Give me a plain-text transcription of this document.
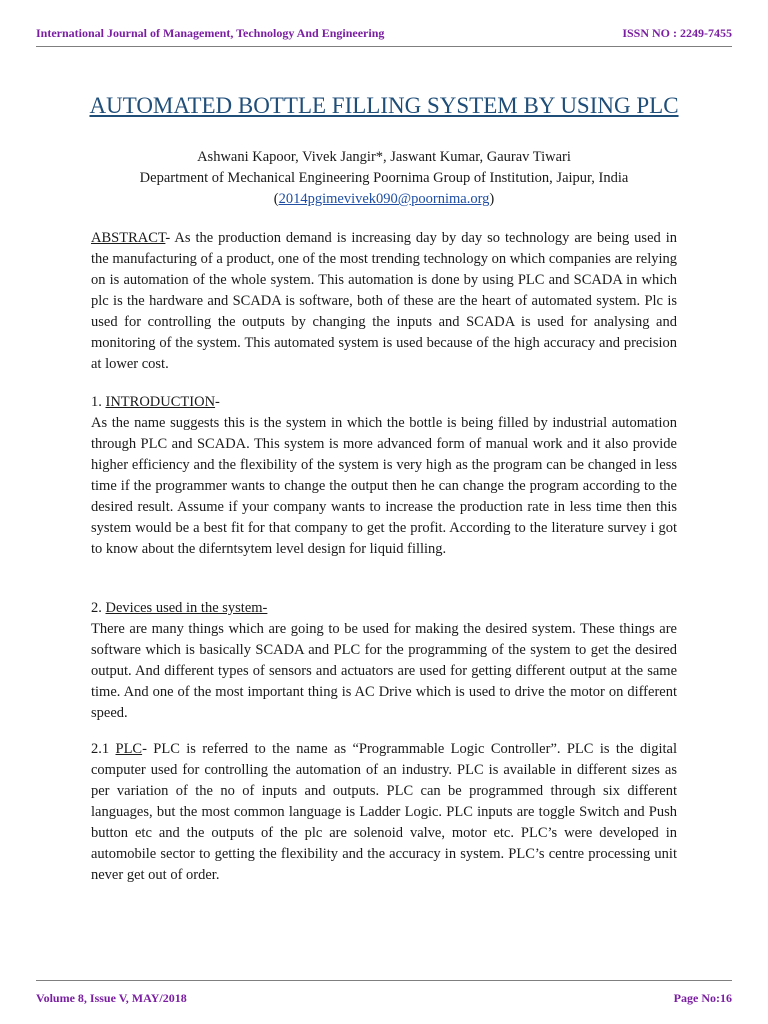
International Journal of Management, Technology And Engineering	ISSN NO : 2249-7455
AUTOMATED BOTTLE FILLING SYSTEM BY USING PLC
Ashwani Kapoor, Vivek Jangir*, Jaswant Kumar, Gaurav Tiwari
Department of Mechanical Engineering Poornima Group of Institution, Jaipur, India
(2014pgimevivek090@poornima.org)
ABSTRACT- As the production demand is increasing day by day so technology are being used in the manufacturing of a product, one of the most trending technology on which companies are relying on is automation of the whole system. This automation is done by using PLC and SCADA in which plc is the hardware and SCADA is software, both of these are the heart of automated system. Plc is used for controlling the outputs by changing the inputs and SCADA is used for analysing and monitoring of the system. This automated system is used because of the high accuracy and precision at lower cost.
1. INTRODUCTION-
As the name suggests this is the system in which the bottle is being filled by industrial automation through PLC and SCADA. This system is more advanced form of manual work and it also provide higher efficiency and the flexibility of the system is very high as the program can be changed in less time if the programmer wants to change the output then he can change the program according to the desired result. Assume if your company wants to increase the production rate in less time then this system would be a best fit for that company to get the profit. According to the literature survey i got to know about the diferntsytem level design for liquid filling.
2. Devices used in the system-
There are many things which are going to be used for making the desired system. These things are software which is basically SCADA and PLC for the programming of the system to get the desired output. And different types of sensors and actuators are used for getting different output at the same time. And one of the most important thing is AC Drive which is used to drive the motor on different speed.
2.1 PLC- PLC is referred to the name as “Programmable Logic Controller”. PLC is the digital computer used for controlling the automation of an industry. PLC is available in different sizes as per variation of the no of inputs and outputs. PLC can be programmed through six different languages, but the most common language is Ladder Logic. PLC inputs are toggle Switch and Push button etc and the outputs of the plc are solenoid valve, motor etc. PLC’s were developed in automobile sector to getting the flexibility and the accuracy in system. PLC’s centre processing unit never get out of order.
Volume 8, Issue V, MAY/2018	Page No:16
